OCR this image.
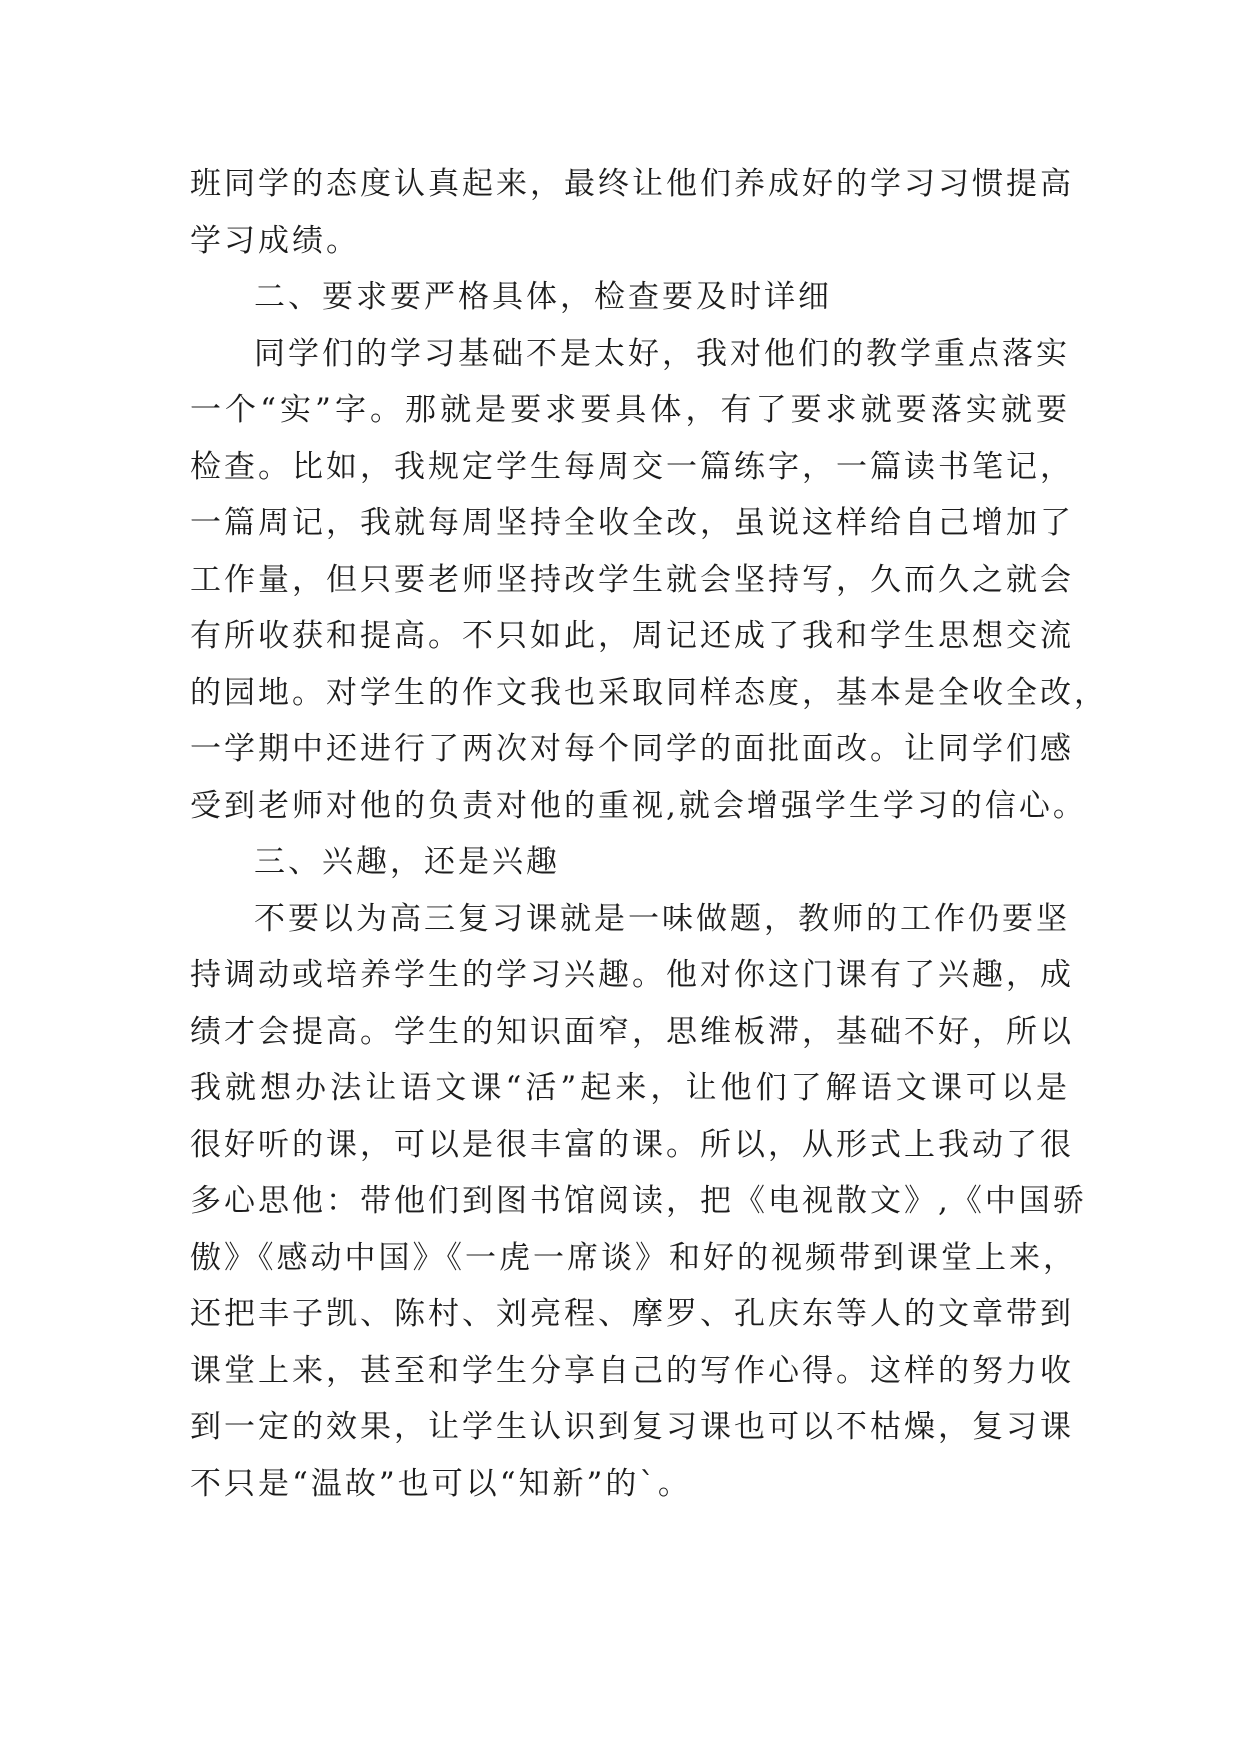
班同学的态度认真起来，最终让他们养成好的学习习惯提高
学习成绩。
二、要求要严格具体，检查要及时详细
同学们的学习基础不是太好，我对他们的教学重点落实
一个“实”字。那就是要求要具体，有了要求就要落实就要
检查。比如，我规定学生每周交一篇练字，一篇读书笔记，
一篇周记，我就每周坚持全收全改，虽说这样给自己增加了
工作量，但只要老师坚持改学生就会坚持写，久而久之就会
有所收获和提高。不只如此，周记还成了我和学生思想交流
的园地。对学生的作文我也采取同样态度，基本是全收全改，
一学期中还进行了两次对每个同学的面批面改。让同学们感
受到老师对他的负责对他的重视,就会增强学生学习的信心。
三、兴趣，还是兴趣
不要以为高三复习课就是一味做题，教师的工作仍要坚
持调动或培养学生的学习兴趣。他对你这门课有了兴趣，成
绩才会提高。学生的知识面窄，思维板滞，基础不好，所以
我就想办法让语文课“活”起来，让他们了解语文课可以是
很好听的课，可以是很丰富的课。所以，从形式上我动了很
多心思他：带他们到图书馆阅读，把《电视散文》,《中国骄
傲》《感动中国》《一虎一席谈》和好的视频带到课堂上来，
还把丰子凯、陈村、刘亮程、摩罗、孔庆东等人的文章带到
课堂上来，甚至和学生分享自己的写作心得。这样的努力收
到一定的效果，让学生认识到复习课也可以不枯燥，复习课
不只是“温故”也可以“知新”的`。
